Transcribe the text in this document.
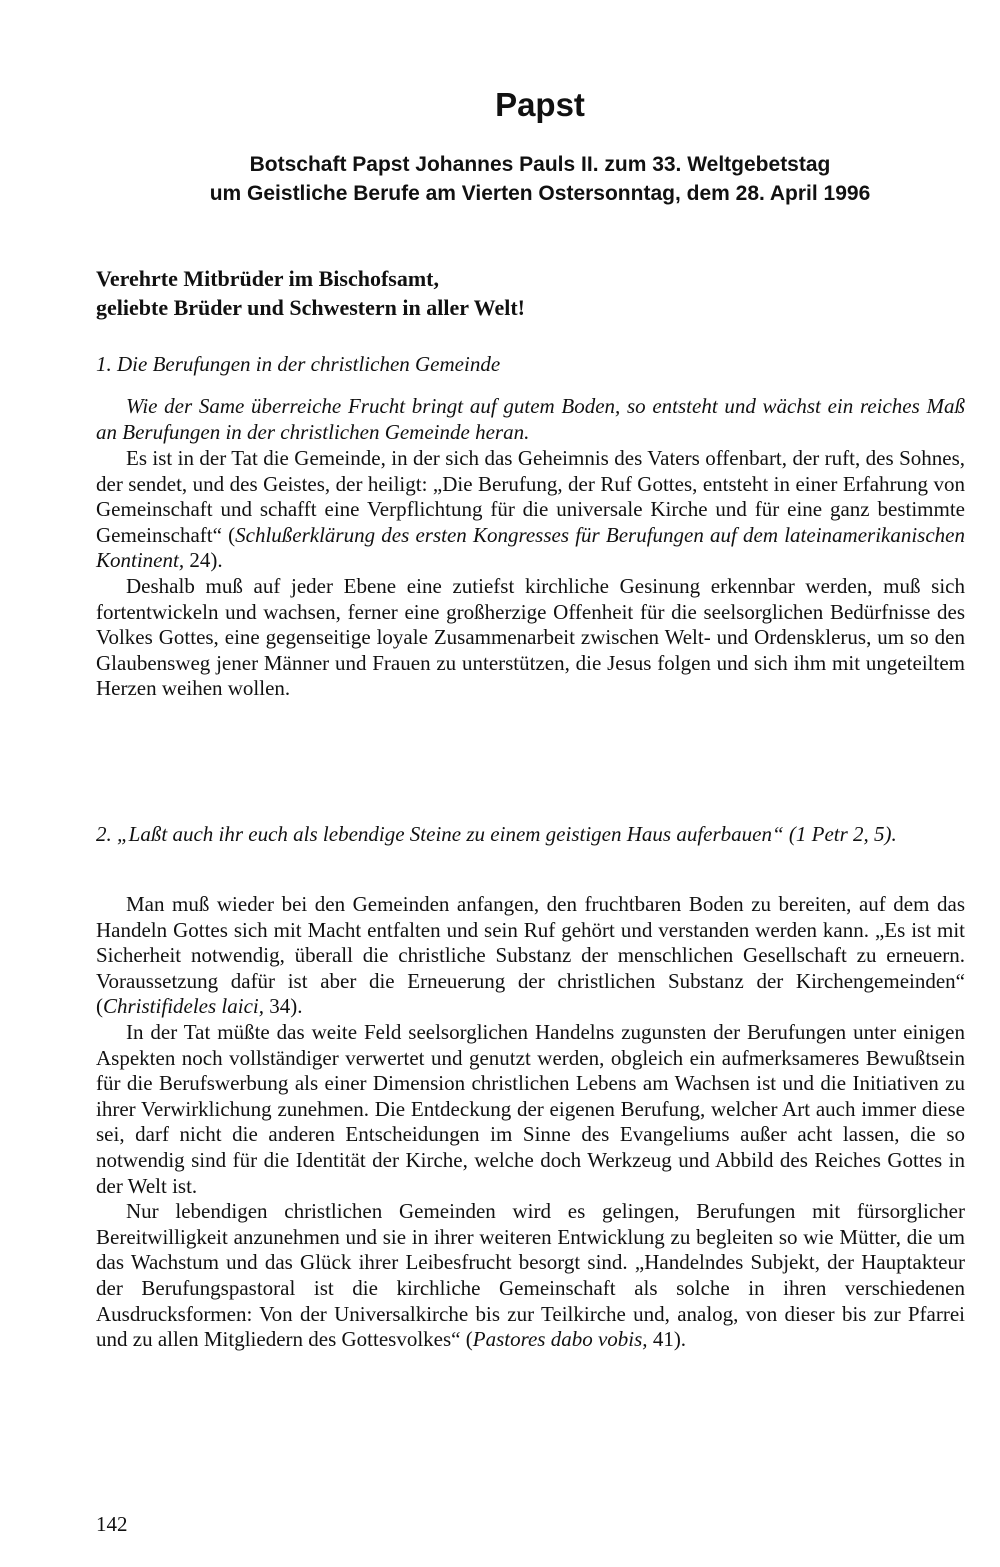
Papst
Botschaft Papst Johannes Pauls II. zum 33. Weltgebetstag
um Geistliche Berufe am Vierten Ostersonntag, dem 28. April 1996
Verehrte Mitbrüder im Bischofsamt,
geliebte Brüder und Schwestern in aller Welt!
1. Die Berufungen in der christlichen Gemeinde
Wie der Same überreiche Frucht bringt auf gutem Boden, so entsteht und wächst ein reiches Maß an Berufungen in der christlichen Gemeinde heran.

Es ist in der Tat die Gemeinde, in der sich das Geheimnis des Vaters offenbart, der ruft, des Sohnes, der sendet, und des Geistes, der heiligt: „Die Berufung, der Ruf Gottes, entsteht in einer Erfahrung von Gemeinschaft und schafft eine Verpflichtung für die universale Kirche und für eine ganz bestimmte Gemeinschaft“ (Schlußerklärung des ersten Kongresses für Berufungen auf dem lateinamerikanischen Kontinent, 24).

Deshalb muß auf jeder Ebene eine zutiefst kirchliche Gesinung erkennbar werden, muß sich fortentwickeln und wachsen, ferner eine großherzige Offenheit für die seelsorglichen Bedürfnisse des Volkes Gottes, eine gegenseitige loyale Zusammenarbeit zwischen Welt- und Ordensklerus, um so den Glaubensweg jener Männer und Frauen zu unterstützen, die Jesus folgen und sich ihm mit ungeteiltem Herzen weihen wollen.

2. „Laßt auch ihr euch als lebendige Steine zu einem geistigen Haus auferbauen“ (1 Petr 2, 5).

Man muß wieder bei den Gemeinden anfangen, den fruchtbaren Boden zu bereiten, auf dem das Handeln Gottes sich mit Macht entfalten und sein Ruf gehört und verstanden werden kann. „Es ist mit Sicherheit notwendig, überall die christliche Substanz der menschlichen Gesellschaft zu erneuern. Voraussetzung dafür ist aber die Erneuerung der christlichen Substanz der Kirchengemeinden“ (Christifideles laici, 34).

In der Tat müßte das weite Feld seelsorglichen Handelns zugunsten der Berufungen unter einigen Aspekten noch vollständiger verwertet und genutzt werden, obgleich ein aufmerksameres Bewußtsein für die Berufswerbung als einer Dimension christlichen Lebens am Wachsen ist und die Initiativen zu ihrer Verwirklichung zunehmen. Die Entdeckung der eigenen Berufung, welcher Art auch immer diese sei, darf nicht die anderen Entscheidungen im Sinne des Evangeliums außer acht lassen, die so notwendig sind für die Identität der Kirche, welche doch Werkzeug und Abbild des Reiches Gottes in der Welt ist.

Nur lebendigen christlichen Gemeinden wird es gelingen, Berufungen mit fürsorglicher Bereitwilligkeit anzunehmen und sie in ihrer weiteren Entwicklung zu begleiten so wie Mütter, die um das Wachstum und das Glück ihrer Leibesfrucht besorgt sind. „Handelndes Subjekt, der Hauptakteur der Berufungspastoral ist die kirchliche Gemeinschaft als solche in ihren verschiedenen Ausdrucksformen: Von der Universalkirche bis zur Teilkirche und, analog, von dieser bis zur Pfarrei und zu allen Mitgliedern des Gottesvolkes“ (Pastores dabo vobis, 41).

142
